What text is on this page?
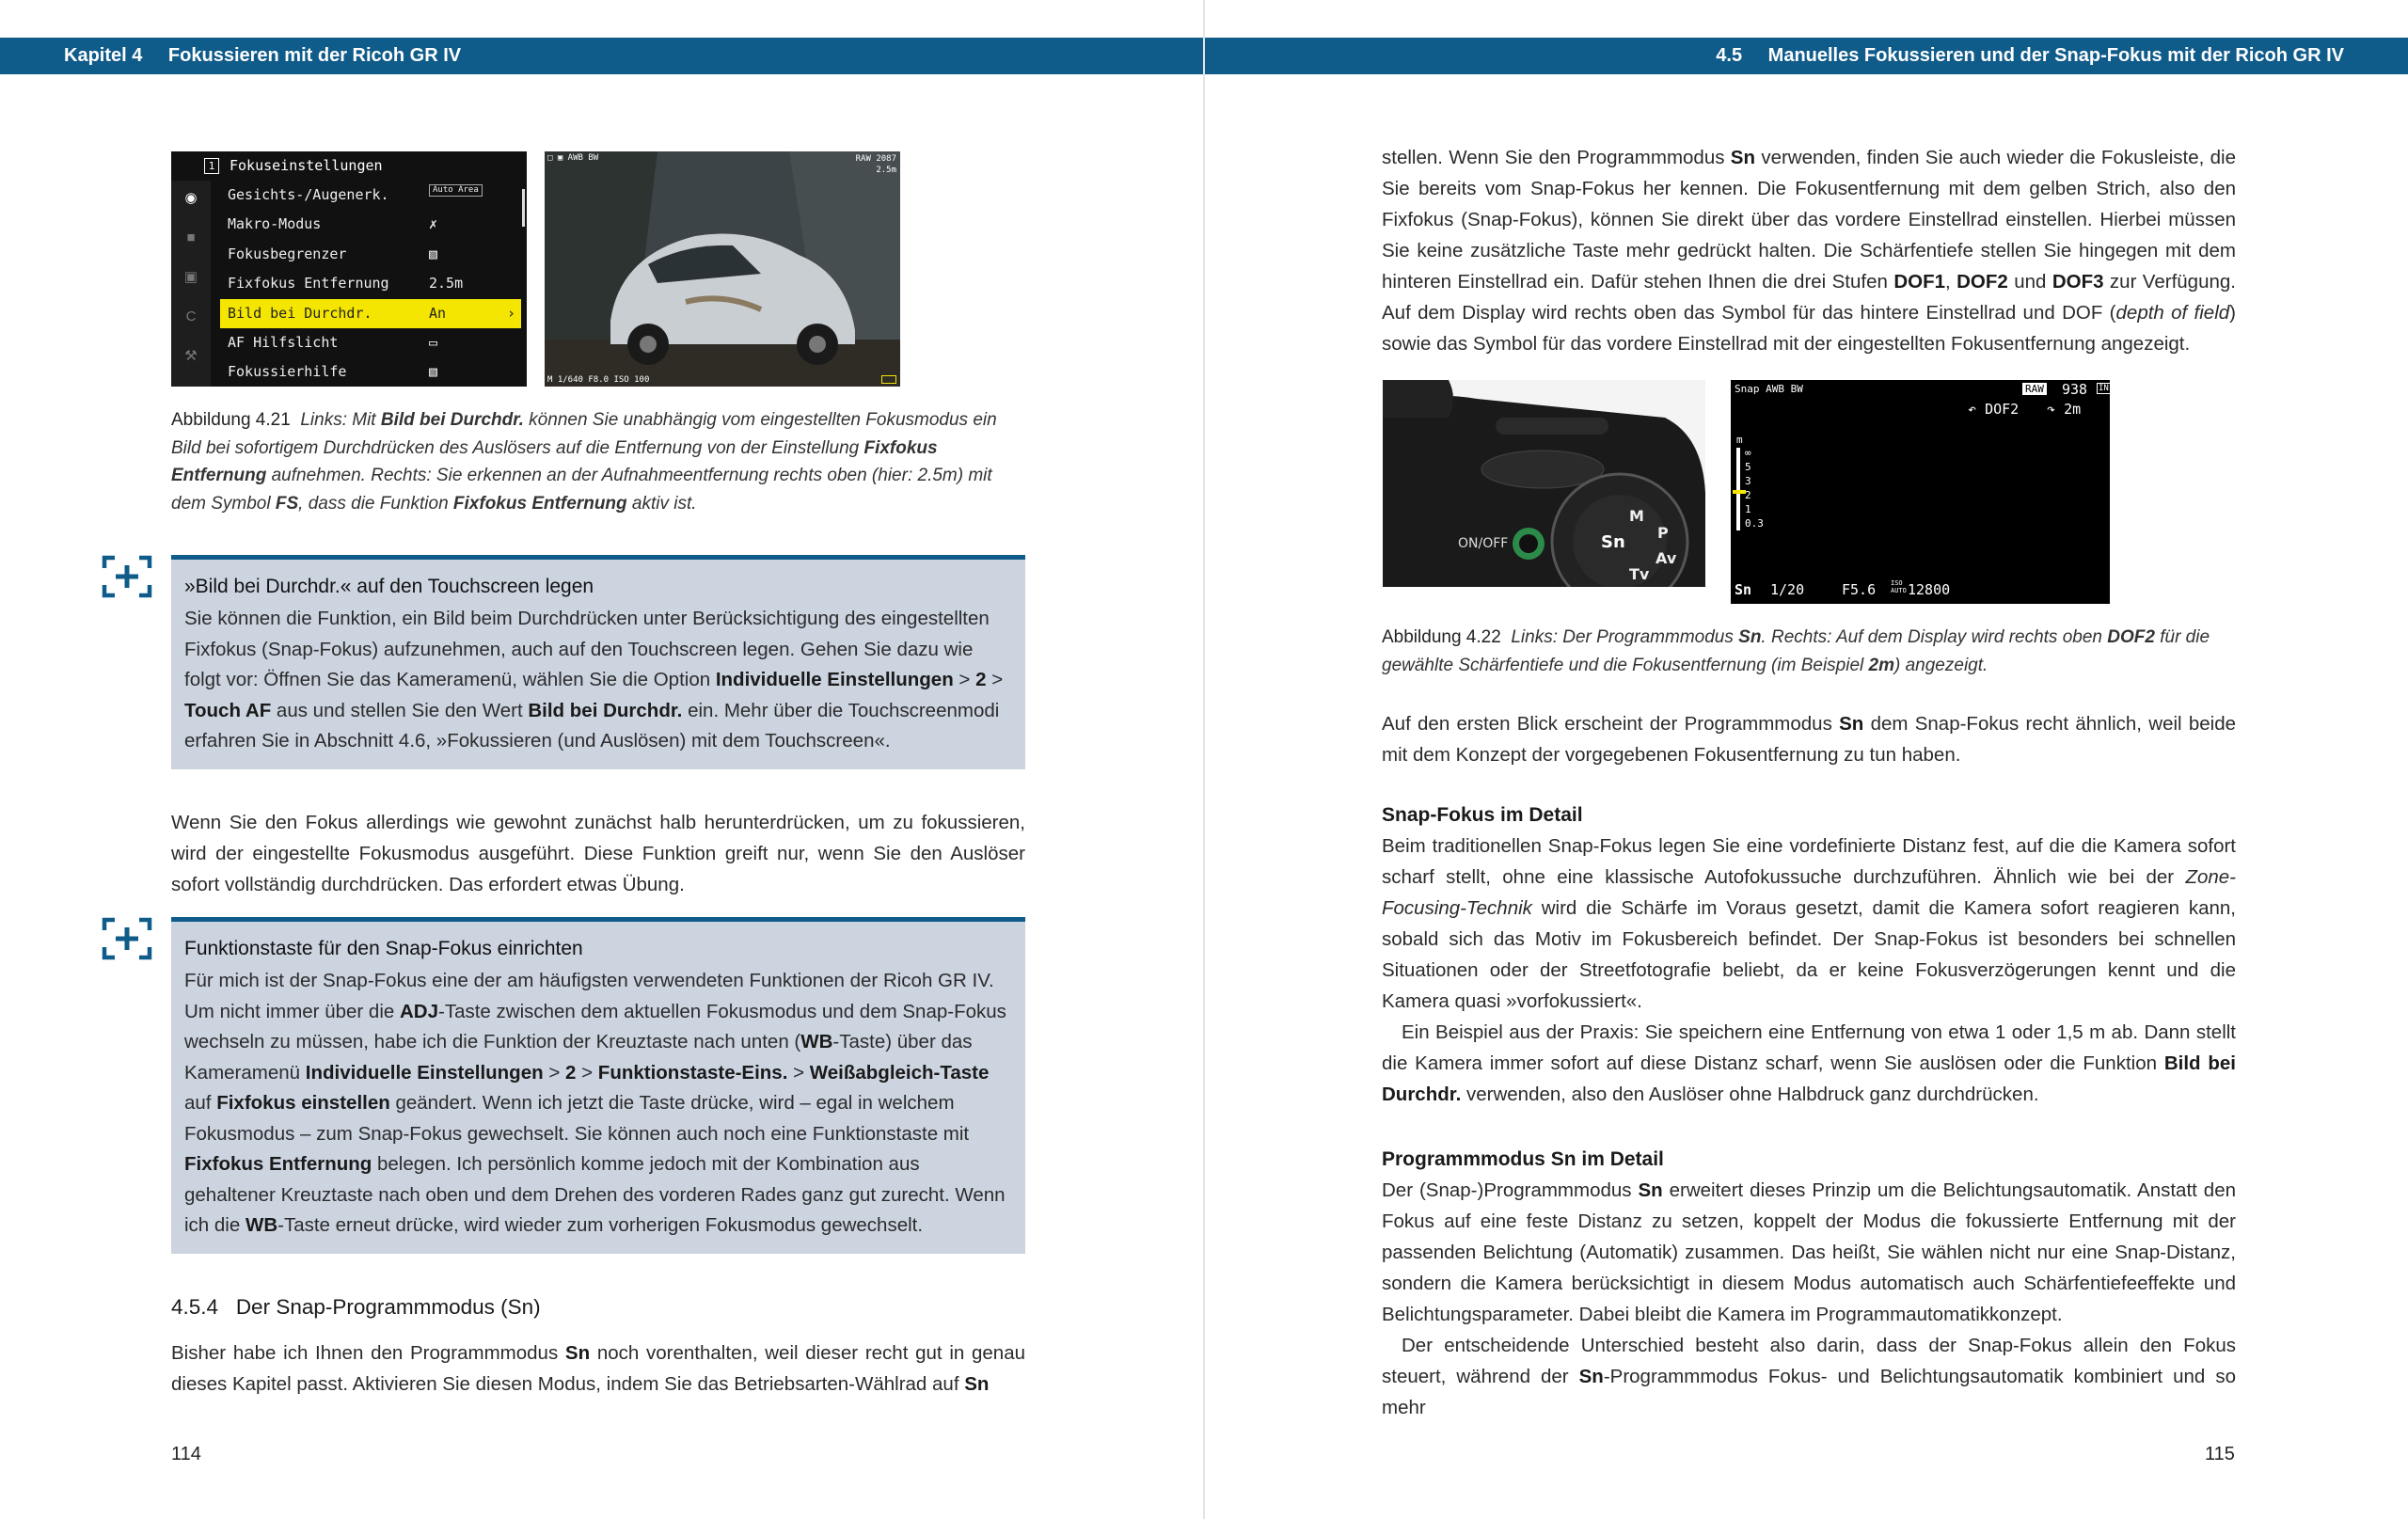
Kapitel 4 Fokussieren mit der Ricoh GR IV
1	Fokuseinstellungen
◉
■
▣
C
⚒
Gesichts-/Augenerk.	Auto Area
Makro-Modus	✗
Fokusbegrenzer	▧
Fixfokus Entfernung	2.5m
Bild bei Durchdr.	An	›
AF Hilfslicht	▭
Fokussierhilfe	▧
□ ▣ AWB BW	RAW 2087
2.5m
M 1/640 F8.0 ISO 100

Abbildung 4.21 Links: Mit Bild bei Durchdr. können Sie unabhängig vom eingestellten Fokusmodus ein Bild bei sofortigem Durchdrücken des Auslösers auf die Entfernung von der Einstellung Fixfokus Entfernung aufnehmen. Rechts: Sie erkennen an der Aufnahmeentfernung rechts oben (hier: 2.5m) mit dem Symbol FS, dass die Funktion Fixfokus Entfernung aktiv ist.

»Bild bei Durchdr.« auf den Touchscreen legen

Sie können die Funktion, ein Bild beim Durchdrücken unter Berücksichtigung des eingestellten Fixfokus (Snap-Fokus) aufzunehmen, auch auf den Touchscreen legen. Gehen Sie dazu wie folgt vor: Öffnen Sie das Kameramenü, wählen Sie die Option Individuelle Einstellungen > 2 > Touch AF aus und stellen Sie den Wert Bild bei Durchdr. ein. Mehr über die Touchscreenmodi erfahren Sie in Abschnitt 4.6, »Fokussieren (und Auslösen) mit dem Touchscreen«.

Wenn Sie den Fokus allerdings wie gewohnt zunächst halb herunterdrücken, um zu fokussieren, wird der eingestellte Fokusmodus ausgeführt. Diese Funktion greift nur, wenn Sie den Auslöser sofort vollständig durchdrücken. Das erfordert etwas Übung.

Funktionstaste für den Snap-Fokus einrichten

Für mich ist der Snap-Fokus eine der am häufigsten verwendeten Funktionen der Ricoh GR IV. Um nicht immer über die ADJ-Taste zwischen dem aktuellen Fokusmodus und dem Snap-Fokus wechseln zu müssen, habe ich die Funktion der Kreuztaste nach unten (WB-Taste) über das Kameramenü Individuelle Einstellungen > 2 > Funktionstaste-Eins. > Weißabgleich-Taste auf Fixfokus einstellen geändert. Wenn ich jetzt die Taste drücke, wird – egal in welchem Fokusmodus – zum Snap-Fokus gewechselt. Sie können auch noch eine Funktionstaste mit Fixfokus Entfernung belegen. Ich persönlich komme jedoch mit der Kombination aus gehaltener Kreuztaste nach oben und dem Drehen des vorderen Rades ganz gut zurecht. Wenn ich die WB-Taste erneut drücke, wird wieder zum vorherigen Fokusmodus gewechselt.

4.5.4 Der Snap-Programmmodus (Sn)

Bisher habe ich Ihnen den Programmmodus Sn noch vorenthalten, weil dieser recht gut in genau dieses Kapitel passt. Aktivieren Sie diesen Modus, indem Sie das Betriebsarten-Wählrad auf Sn

114
4.5 Manuelles Fokussieren und der Snap-Fokus mit der Ricoh GR IV

stellen. Wenn Sie den Programmmodus Sn verwenden, finden Sie auch wieder die Fokusleiste, die Sie bereits vom Snap-Fokus her kennen. Die Fokusentfernung mit dem gelben Strich, also den Fixfokus (Snap-Fokus), können Sie direkt über das vordere Einstellrad einstellen. Hierbei müssen Sie keine zusätzliche Taste mehr gedrückt halten. Die Schärfentiefe stellen Sie hingegen mit dem hinteren Einstellrad ein. Dafür stehen Ihnen die drei Stufen DOF1, DOF2 und DOF3 zur Verfügung. Auf dem Display wird rechts oben das Symbol für das hintere Einstellrad und DOF (depth of field) sowie das Symbol für das vordere Einstellrad mit der eingestellten Fokusentfernung angezeigt.

ON/OFF	Sn
M
P
Av
Tv
Snap AWB BW	RAW 938 IN
↶ DOF2 ↷ 2m
m
∞
5
3
2
1
0.3
Sn 1/20	F5.6 ISO AUTO 12800

Abbildung 4.22 Links: Der Programmmodus Sn. Rechts: Auf dem Display wird rechts oben DOF2 für die gewählte Schärfentiefe und die Fokusentfernung (im Beispiel 2m) angezeigt.

Auf den ersten Blick erscheint der Programmmodus Sn dem Snap-Fokus recht ähnlich, weil beide mit dem Konzept der vorgegebenen Fokusentfernung zu tun haben.

Snap-Fokus im Detail

Beim traditionellen Snap-Fokus legen Sie eine vordefinierte Distanz fest, auf die die Kamera sofort scharf stellt, ohne eine klassische Autofokussuche durchzuführen. Ähnlich wie bei der Zone-Focusing-Technik wird die Schärfe im Voraus gesetzt, damit die Kamera sofort reagieren kann, sobald sich das Motiv im Fokusbereich befindet. Der Snap-Fokus ist besonders bei schnellen Situationen oder der Streetfotografie beliebt, da er keine Fokusverzögerungen kennt und die Kamera quasi »vorfokussiert«.

Ein Beispiel aus der Praxis: Sie speichern eine Entfernung von etwa 1 oder 1,5 m ab. Dann stellt die Kamera immer sofort auf diese Distanz scharf, wenn Sie auslösen oder die Funktion Bild bei Durchdr. verwenden, also den Auslöser ohne Halbdruck ganz durchdrücken.

Programmmodus Sn im Detail

Der (Snap-)Programmmodus Sn erweitert dieses Prinzip um die Belichtungsautomatik. Anstatt den Fokus auf eine feste Distanz zu setzen, koppelt der Modus die fokussierte Entfernung mit der passenden Belichtung (Automatik) zusammen. Das heißt, Sie wählen nicht nur eine Snap-Distanz, sondern die Kamera berücksichtigt in diesem Modus automatisch auch Schärfentiefeeffekte und Belichtungsparameter. Dabei bleibt die Kamera im Programmautomatikkonzept.

Der entscheidende Unterschied besteht also darin, dass der Snap-Fokus allein den Fokus steuert, während der Sn-Programmmodus Fokus- und Belichtungsautomatik kombiniert und so mehr

115
